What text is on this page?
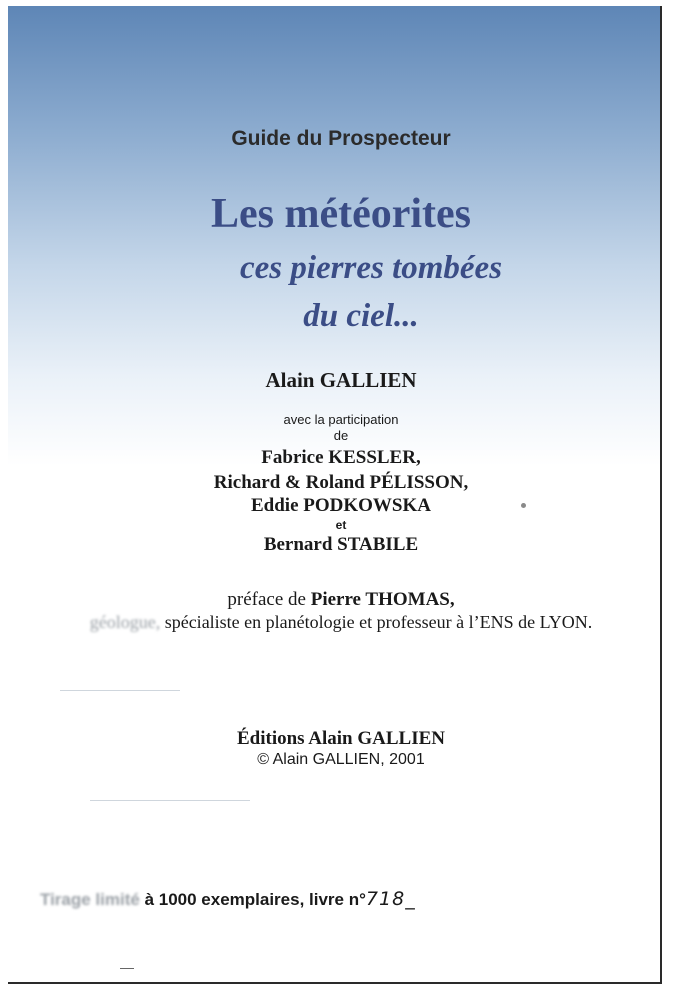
Guide du Prospecteur
Les météorites
ces pierres tombées
du ciel...
Alain GALLIEN
avec la participation
de
Fabrice KESSLER,
Richard & Roland PÉLISSON,
Eddie PODKOWSKA
et
Bernard STABILE
préface de Pierre THOMAS,
géologue, spécialiste en planétologie et professeur à l’ENS de LYON.
Éditions Alain GALLIEN
© Alain GALLIEN, 2001
Tirage limité à 1000 exemplaires, livre n°718_
